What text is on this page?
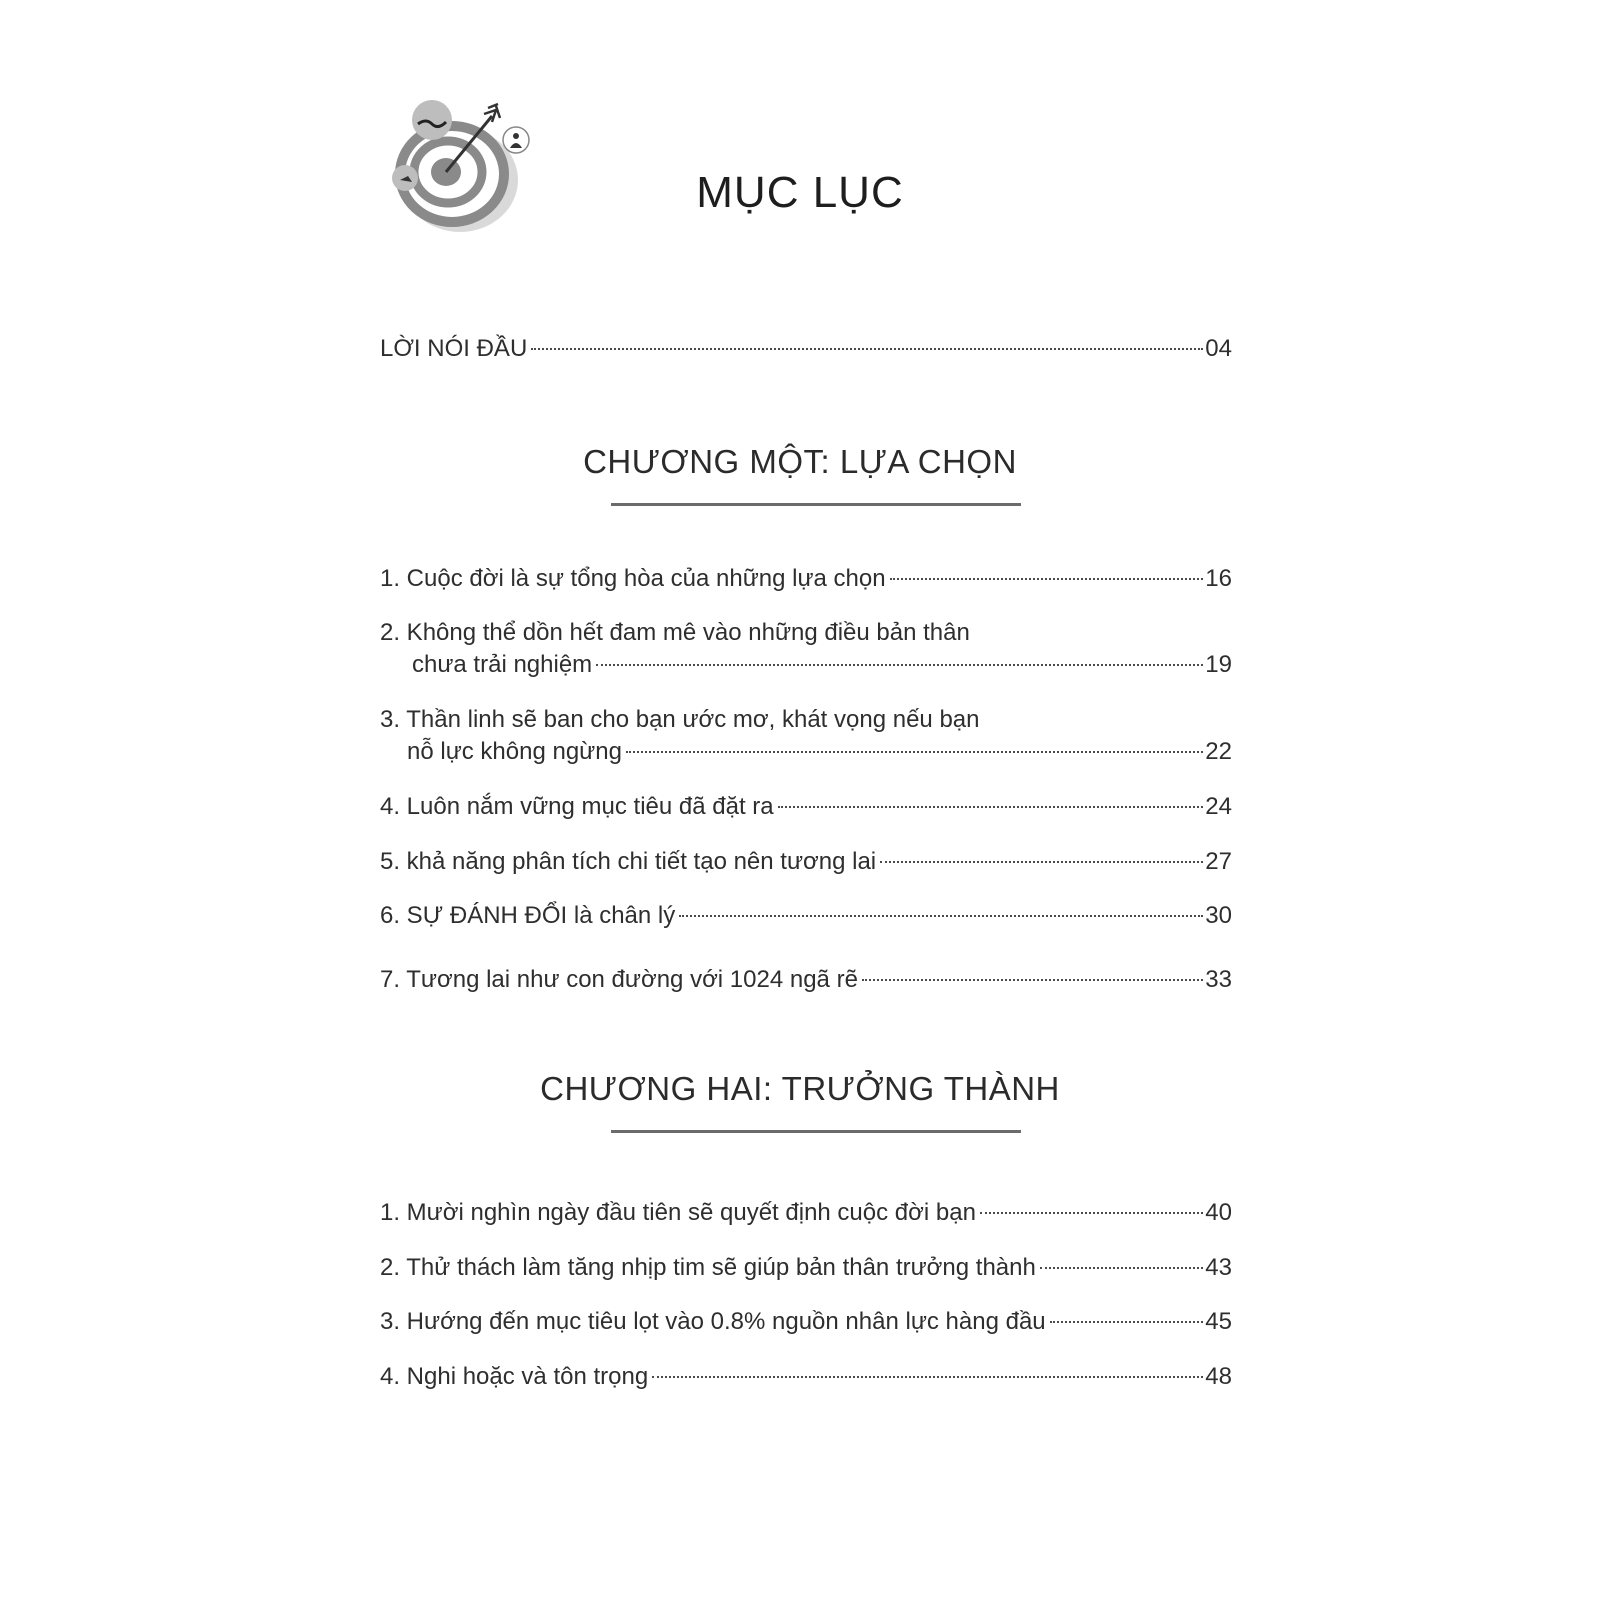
MỤC LỤC
LỜI NÓI ĐẦU	04
CHƯƠNG MỘT: LỰA CHỌN
1. Cuộc đời là sự tổng hòa của những lựa chọn	16
2. Không thể dồn hết đam mê vào những điều bản thân
chưa trải nghiệm	19
3. Thần linh sẽ ban cho bạn ước mơ, khát vọng nếu bạn
nỗ lực không ngừng	22
4. Luôn nắm vững mục tiêu đã đặt ra	24
5. khả năng phân tích chi tiết tạo nên tương lai	27
6. SỰ ĐÁNH ĐỔI là chân lý	30
7. Tương lai như con đường với 1024 ngã rẽ	33
CHƯƠNG HAI: TRƯỞNG THÀNH
1. Mười nghìn ngày đầu tiên sẽ quyết định cuộc đời bạn	40
2. Thử thách làm tăng nhịp tim sẽ giúp bản thân trưởng thành	43
3. Hướng đến mục tiêu lọt vào 0.8% nguồn nhân lực hàng đầu	45
4. Nghi hoặc và tôn trọng	48
